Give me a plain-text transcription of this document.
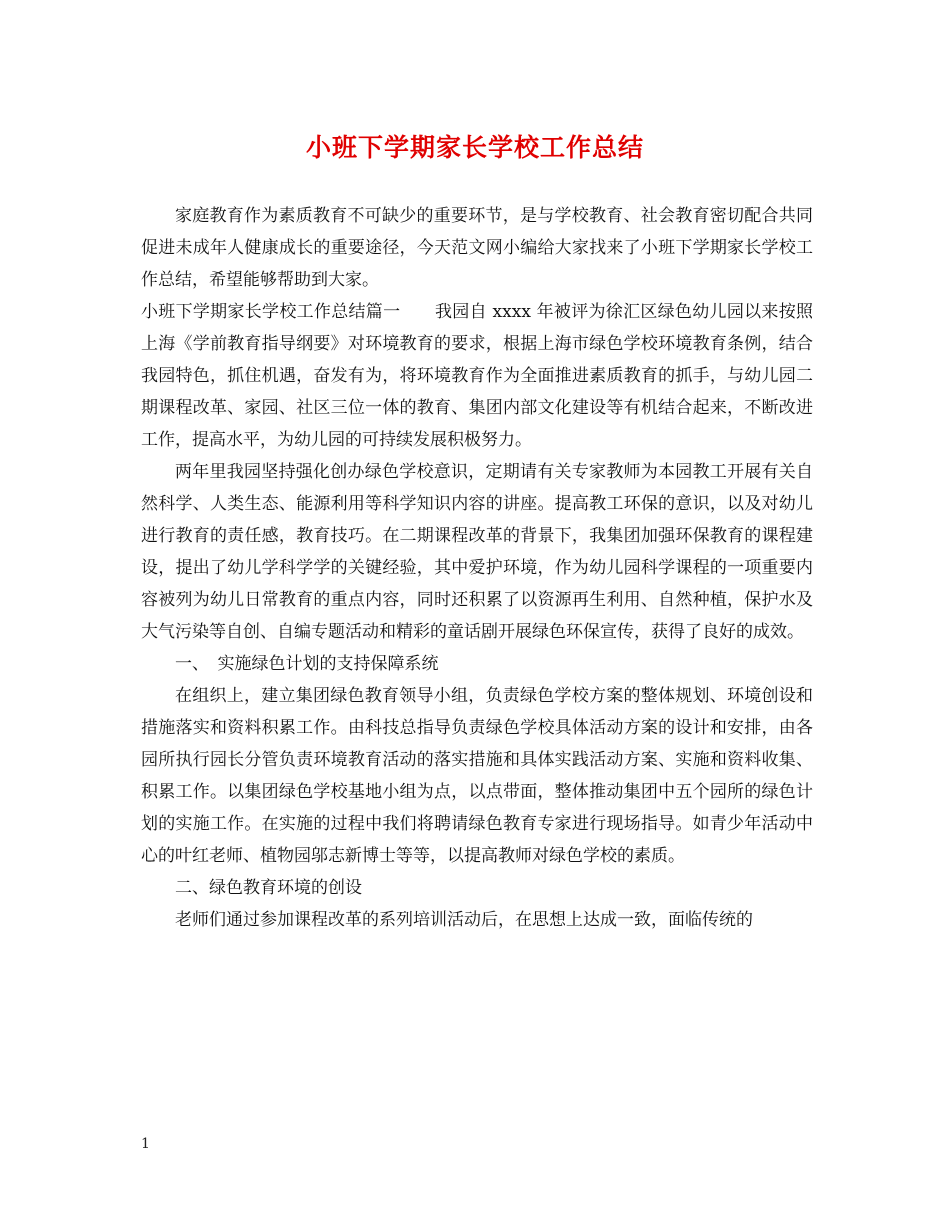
小班下学期家长学校工作总结

家庭教育作为素质教育不可缺少的重要环节，是与学校教育、社会教育密切配合共同促进未成年人健康成长的重要途径，今天范文网小编给大家找来了小班下学期家长学校工作总结，希望能够帮助到大家。

小班下学期家长学校工作总结篇一　　我园自 xxxx 年被评为徐汇区绿色幼儿园以来按照上海《学前教育指导纲要》对环境教育的要求，根据上海市绿色学校环境教育条例，结合我园特色，抓住机遇，奋发有为，将环境教育作为全面推进素质教育的抓手，与幼儿园二期课程改革、家园、社区三位一体的教育、集团内部文化建设等有机结合起来，不断改进工作，提高水平，为幼儿园的可持续发展积极努力。

两年里我园坚持强化创办绿色学校意识，定期请有关专家教师为本园教工开展有关自然科学、人类生态、能源利用等科学知识内容的讲座。提高教工环保的意识，以及对幼儿进行教育的责任感，教育技巧。在二期课程改革的背景下，我集团加强环保教育的课程建设，提出了幼儿学科学学的关键经验，其中爱护环境，作为幼儿园科学课程的一项重要内容被列为幼儿日常教育的重点内容，同时还积累了以资源再生利用、自然种植，保护水及大气污染等自创、自编专题活动和精彩的童话剧开展绿色环保宣传，获得了良好的成效。

一、　实施绿色计划的支持保障系统

在组织上，建立集团绿色教育领导小组，负责绿色学校方案的整体规划、环境创设和措施落实和资料积累工作。由科技总指导负责绿色学校具体活动方案的设计和安排，由各园所执行园长分管负责环境教育活动的落实措施和具体实践活动方案、实施和资料收集、积累工作。以集团绿色学校基地小组为点，以点带面，整体推动集团中五个园所的绿色计划的实施工作。在实施的过程中我们将聘请绿色教育专家进行现场指导。如青少年活动中心的叶红老师、植物园邬志新博士等等，以提高教师对绿色学校的素质。

二、绿色教育环境的创设

老师们通过参加课程改革的系列培训活动后，在思想上达成一致，面临传统的

1
